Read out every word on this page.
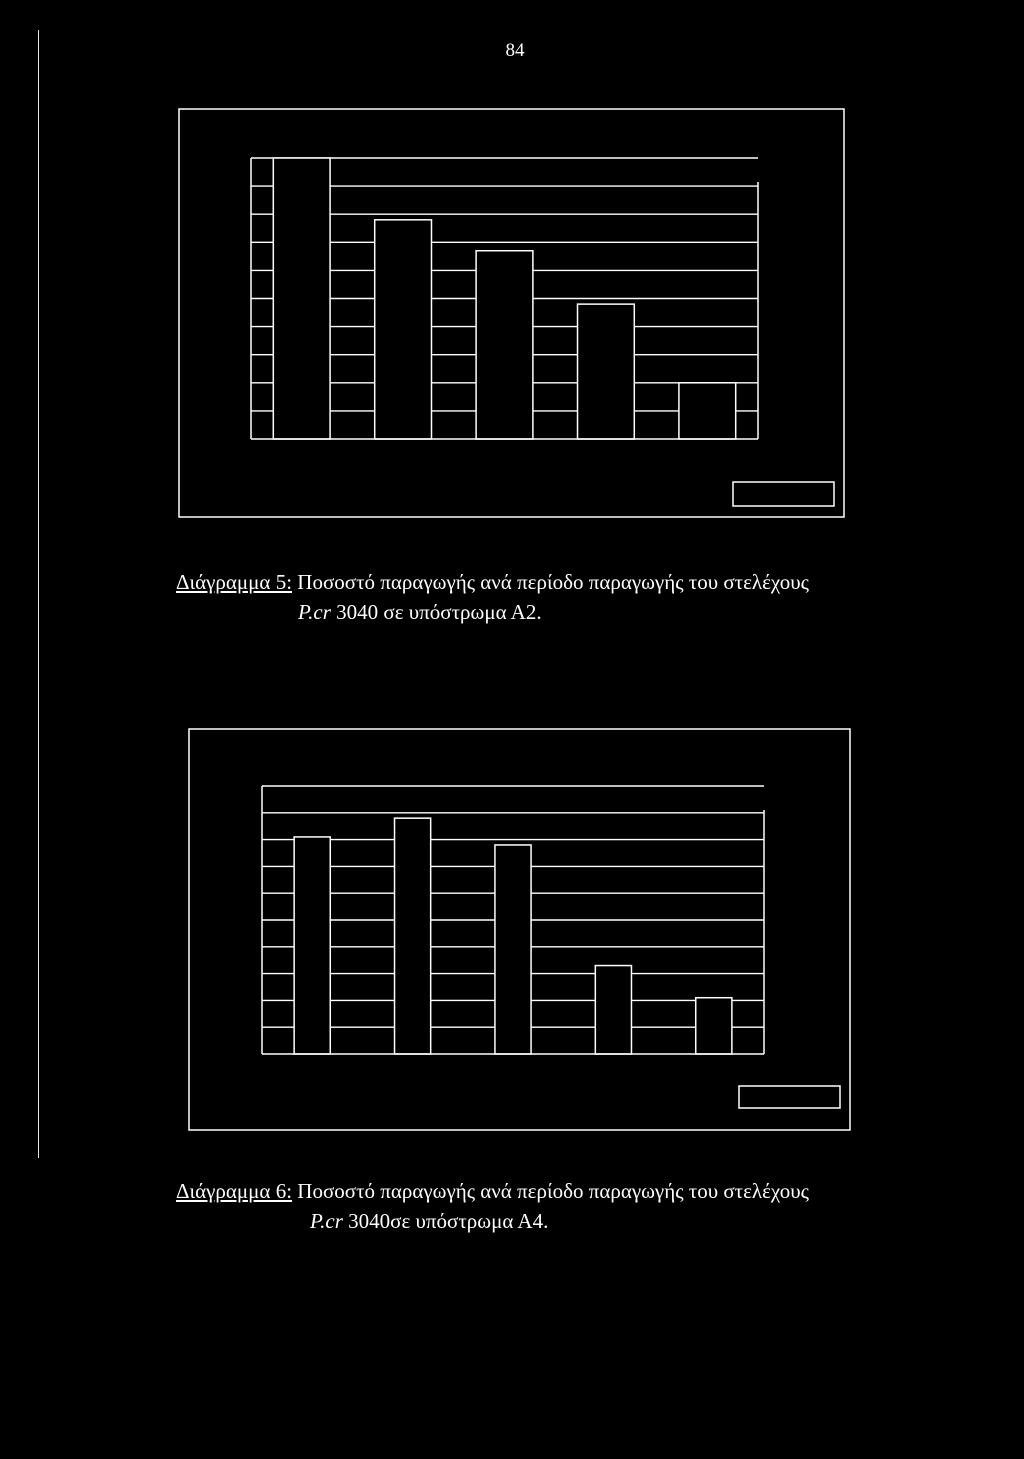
84
Διάγραμμα 5: Ποσοστό παραγωγής ανά περίοδο παραγωγής του στελέχους
P.cr 3040 σε υπόστρωμα Α2.
Διάγραμμα 6: Ποσοστό παραγωγής ανά περίοδο παραγωγής του στελέχους
P.cr 3040σε υπόστρωμα Α4.
